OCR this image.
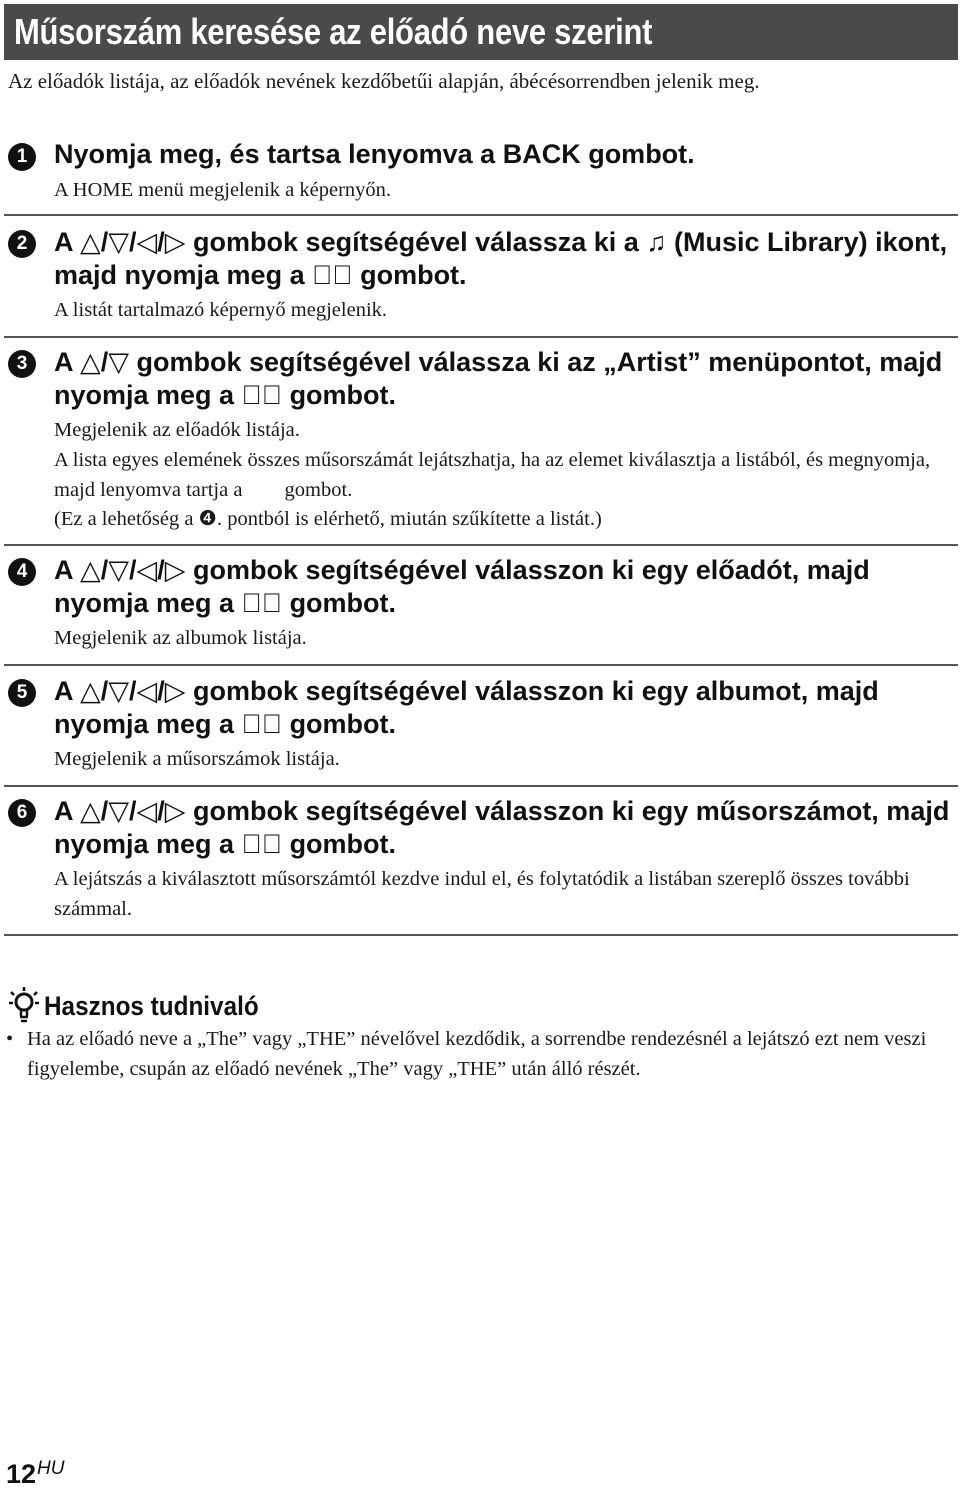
Műsorszám keresése az előadó neve szerint
Az előadók listája, az előadók nevének kezdőbetűi alapján, ábécésorrendben jelenik meg.
1 Nyomja meg, és tartsa lenyomva a BACK gombot.
A HOME menü megjelenik a képernyőn.
2 A △/▽/◁/▷ gombok segítségével válassza ki a ♫ (Music Library) ikont, majd nyomja meg a ▷⃦ gombot.
A listát tartalmazó képernyő megjelenik.
3 A △/▽ gombok segítségével válassza ki az „Artist” menüpontot, majd nyomja meg a ▷⃦ gombot.
Megjelenik az előadók listája.
A lista egyes elemének összes műsorszámát lejátszhatja, ha az elemet kiválasztja a listából, és megnyomja, majd lenyomva tartja a ▷⃦ gombot.
(Ez a lehetőség a ❹. pontból is elérhető, miután szűkítette a listát.)
4 A △/▽/◁/▷ gombok segítségével válasszon ki egy előadót, majd nyomja meg a ▷⃦ gombot.
Megjelenik az albumok listája.
5 A △/▽/◁/▷ gombok segítségével válasszon ki egy albumot, majd nyomja meg a ▷⃦ gombot.
Megjelenik a műsorszámok listája.
6 A △/▽/◁/▷ gombok segítségével válasszon ki egy műsorszámot, majd nyomja meg a ▷⃦ gombot.
A lejátszás a kiválasztott műsorszámtól kezdve indul el, és folytatódik a listában szereplő összes további számmal.
Hasznos tudnivaló
• Ha az előadó neve a „The” vagy „THE” névelővel kezdődik, a sorrendbe rendezésnél a lejátszó ezt nem veszi figyelembe, csupán az előadó nevének „The” vagy „THE” után álló részét.
12 HU
